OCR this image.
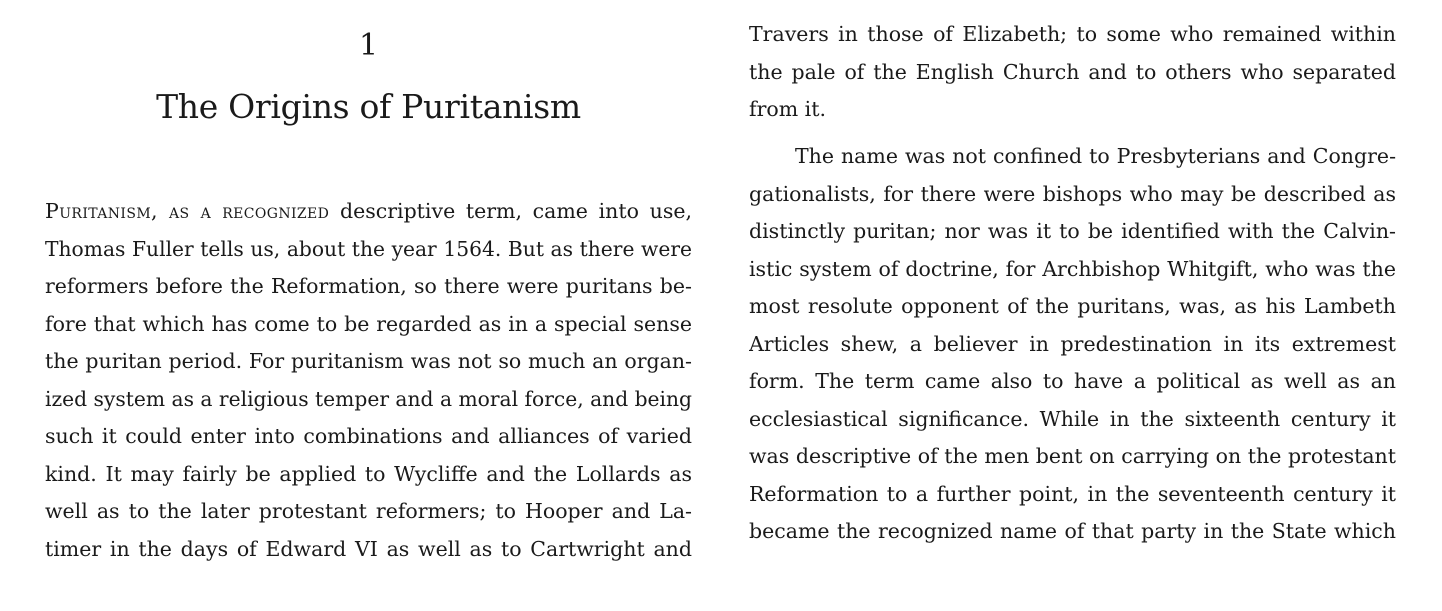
1
The Origins of Puritanism
Puritanism, as a recognized descriptive term, came into use,
Thomas Fuller tells us, about the year 1564. But as there were
reformers before the Reformation, so there were puritans be-
fore that which has come to be regarded as in a special sense
the puritan period. For puritanism was not so much an organ-
ized system as a religious temper and a moral force, and being
such it could enter into combinations and alliances of varied
kind. It may fairly be applied to Wycliffe and the Lollards as
well as to the later protestant reformers; to Hooper and La-
timer in the days of Edward VI as well as to Cartwright and
Travers in those of Elizabeth; to some who remained within
the pale of the English Church and to others who separated
from it.
The name was not confined to Presbyterians and Congre-
gationalists, for there were bishops who may be described as
distinctly puritan; nor was it to be identified with the Calvin-
istic system of doctrine, for Archbishop Whitgift, who was the
most resolute opponent of the puritans, was, as his Lambeth
Articles shew, a believer in predestination in its extremest
form. The term came also to have a political as well as an
ecclesiastical significance. While in the sixteenth century it
was descriptive of the men bent on carrying on the protestant
Reformation to a further point, in the seventeenth century it
became the recognized name of that party in the State which
